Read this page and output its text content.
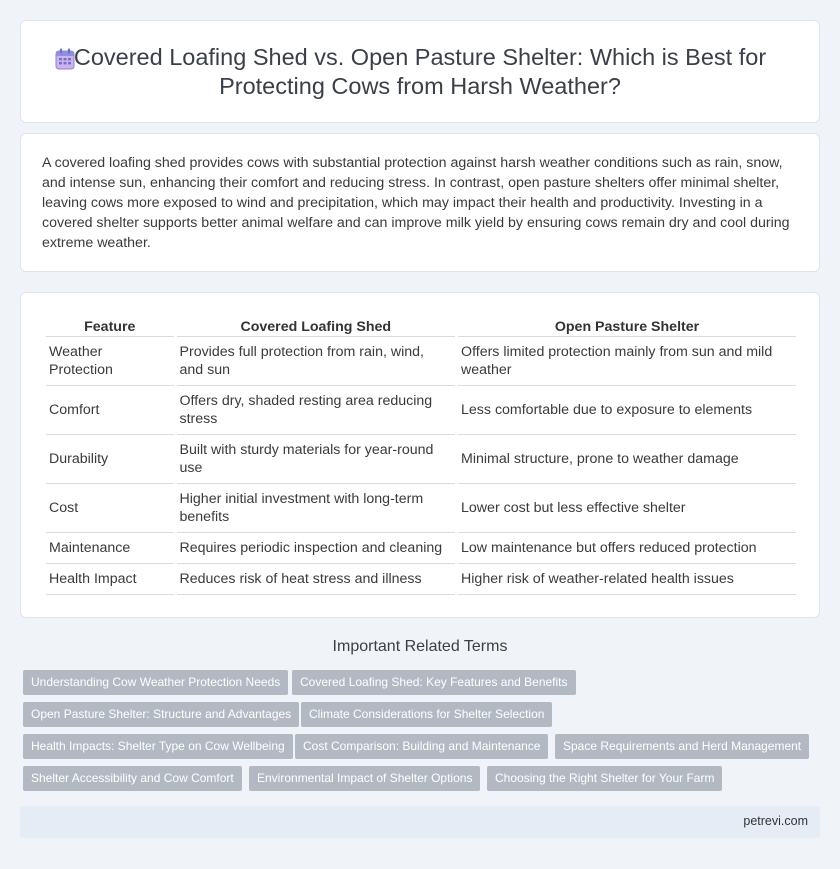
Covered Loafing Shed vs. Open Pasture Shelter: Which is Best for Protecting Cows from Harsh Weather?

A covered loafing shed provides cows with substantial protection against harsh weather conditions such as rain, snow, and intense sun, enhancing their comfort and reducing stress. In contrast, open pasture shelters offer minimal shelter, leaving cows more exposed to wind and precipitation, which may impact their health and productivity. Investing in a covered shelter supports better animal welfare and can improve milk yield by ensuring cows remain dry and cool during extreme weather.

Feature	Covered Loafing Shed	Open Pasture Shelter
Weather Protection	Provides full protection from rain, wind, and sun	Offers limited protection mainly from sun and mild weather
Comfort	Offers dry, shaded resting area reducing stress	Less comfortable due to exposure to elements
Durability	Built with sturdy materials for year-round use	Minimal structure, prone to weather damage
Cost	Higher initial investment with long-term benefits	Lower cost but less effective shelter
Maintenance	Requires periodic inspection and cleaning	Low maintenance but offers reduced protection
Health Impact	Reduces risk of heat stress and illness	Higher risk of weather-related health issues
Important Related Terms
Understanding Cow Weather Protection Needs	Covered Loafing Shed: Key Features and Benefits
Open Pasture Shelter: Structure and Advantages	Climate Considerations for Shelter Selection
Health Impacts: Shelter Type on Cow Wellbeing	Cost Comparison: Building and Maintenance	Space Requirements and Herd Management
Shelter Accessibility and Cow Comfort	Environmental Impact of Shelter Options	Choosing the Right Shelter for Your Farm
petrevi.com
